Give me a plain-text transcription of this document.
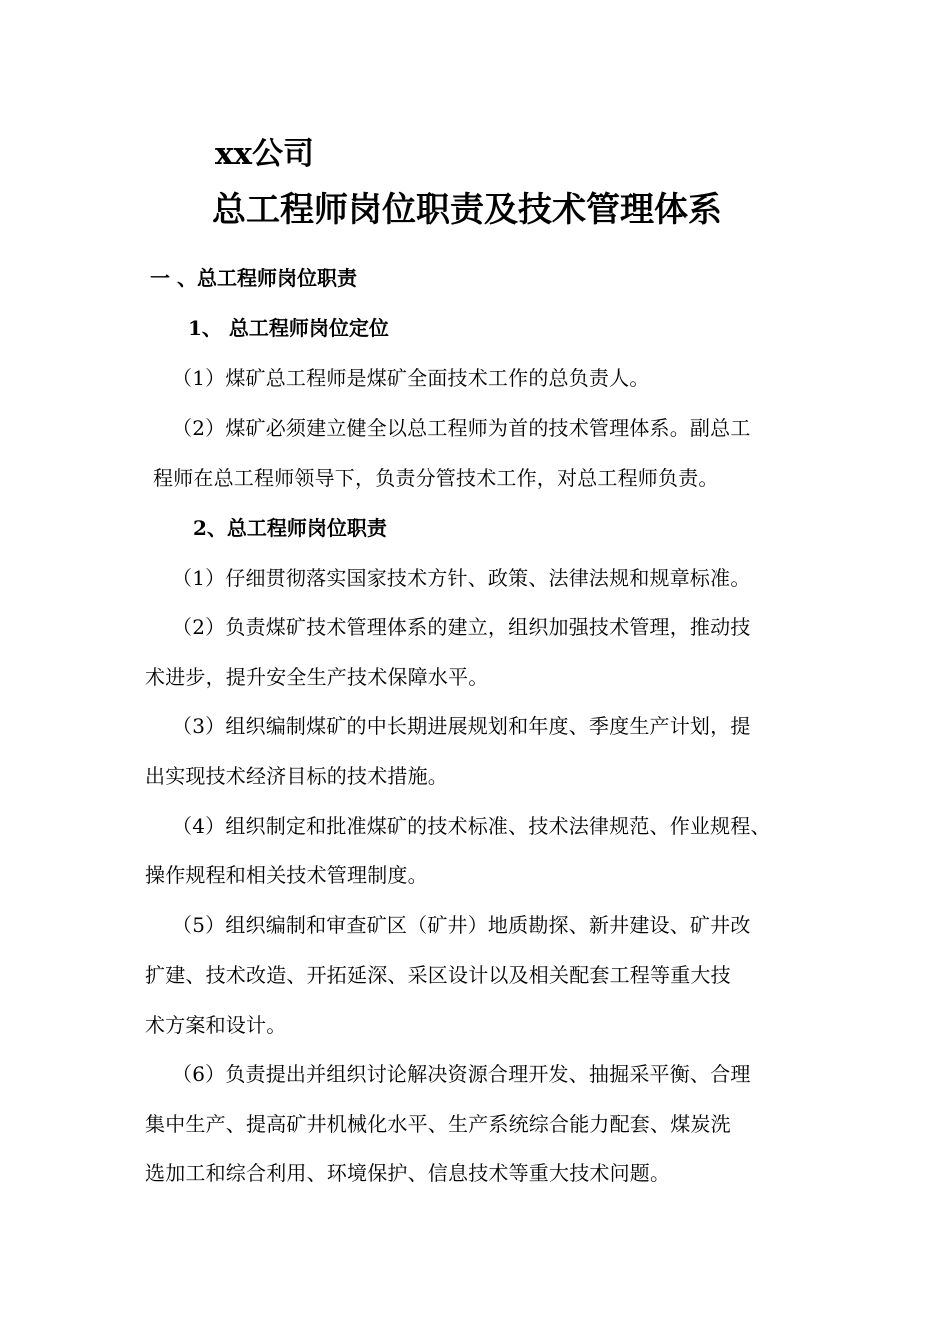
xx公司
总工程师岗位职责及技术管理体系
一 、总工程师岗位职责
1、 总工程师岗位定位
（1）煤矿总工程师是煤矿全面技术工作的总负责人。
（2）煤矿必须建立健全以总工程师为首的技术管理体系。副总工
程师在总工程师领导下，负责分管技术工作，对总工程师负责。
2、总工程师岗位职责
（1）仔细贯彻落实国家技术方针、政策、法律法规和规章标准。
（2）负责煤矿技术管理体系的建立，组织加强技术管理，推动技
术进步，提升安全生产技术保障水平。
（3）组织编制煤矿的中长期进展规划和年度、季度生产计划，提
出实现技术经济目标的技术措施。
（4）组织制定和批准煤矿的技术标准、技术法律规范、作业规程、
操作规程和相关技术管理制度。
（5）组织编制和审查矿区（矿井）地质勘探、新井建设、矿井改
扩建、技术改造、开拓延深、采区设计以及相关配套工程等重大技
术方案和设计。
（6）负责提出并组织讨论解决资源合理开发、抽掘采平衡、合理
集中生产、提高矿井机械化水平、生产系统综合能力配套、煤炭洗
选加工和综合利用、环境保护、信息技术等重大技术问题。
